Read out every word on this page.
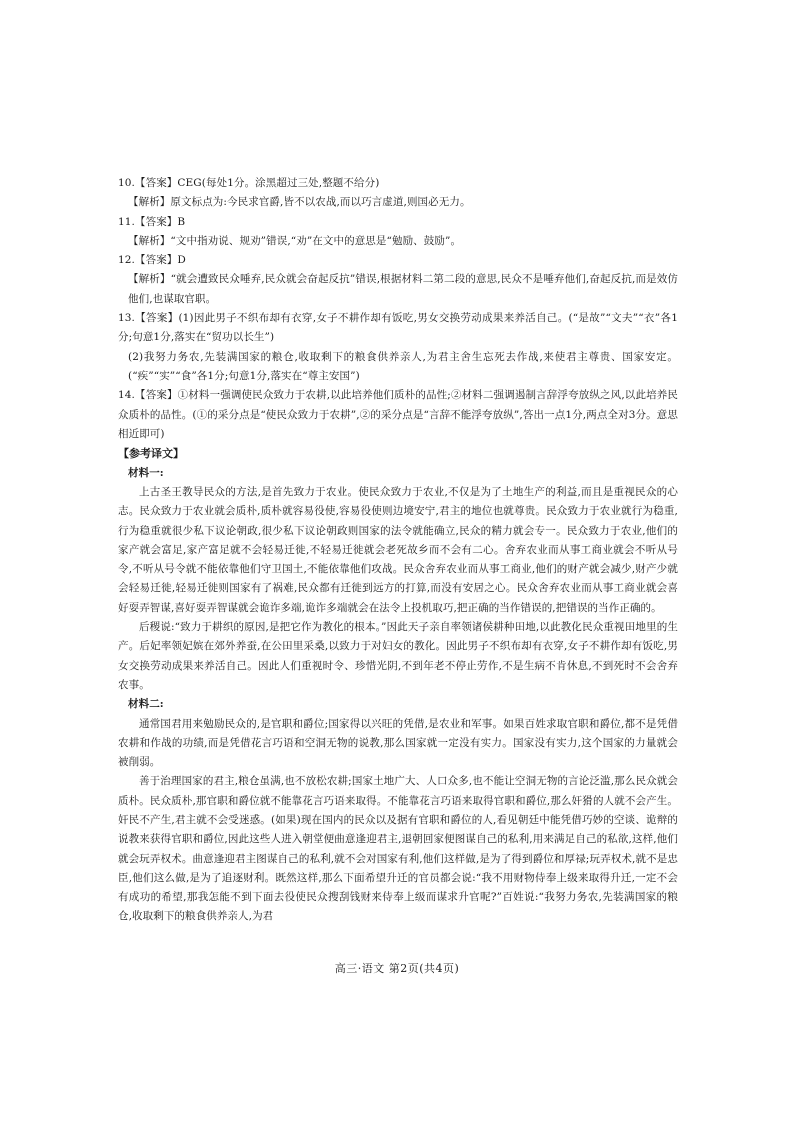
10.【答案】CEG(每处1分。涂黑超过三处,整题不给分)

【解析】原文标点为:今民求官爵,皆不以农战,而以巧言虚道,则国必无力。

11.【答案】B

【解析】“文中指劝说、规劝”错误,“劝”在文中的意思是“勉励、鼓励”。

12.【答案】D

【解析】“就会遭致民众唾弃,民众就会奋起反抗”错误,根据材料二第二段的意思,民众不是唾弃他们,奋起反抗,而是效仿他们,也谋取官职。

13.【答案】(1)因此男子不织布却有衣穿,女子不耕作却有饭吃,男女交换劳动成果来养活自己。(“是故”“文夫”“衣”各1分;句意1分,落实在“贸功以长生”)

(2)我努力务农,先装满国家的粮仓,收取剩下的粮食供养亲人,为君主舍生忘死去作战,来使君主尊贵、国家安定。(“疾”“实”“食”各1分;句意1分,落实在“尊主安国”)

14.【答案】①材料一强调使民众致力于农耕,以此培养他们质朴的品性;②材料二强调遏制言辞浮夸放纵之风,以此培养民众质朴的品性。(①的采分点是“使民众致力于农耕”,②的采分点是“言辞不能浮夸放纵”,答出一点1分,两点全对3分。意思相近即可)

【参考译文】

材料一:

上古圣王教导民众的方法,是首先致力于农业。使民众致力于农业,不仅是为了土地生产的利益,而且是重视民众的心志。民众致力于农业就会质朴,质朴就容易役使,容易役使则边境安宁,君主的地位也就尊贵。民众致力于农业就行为稳重,行为稳重就很少私下议论朝政,很少私下议论朝政则国家的法令就能确立,民众的精力就会专一。民众致力于农业,他们的家产就会富足,家产富足就不会轻易迁徙,不轻易迁徙就会老死故乡而不会有二心。舍弃农业而从事工商业就会不听从号令,不听从号令就不能依靠他们守卫国土,不能依靠他们攻战。民众舍弃农业而从事工商业,他们的财产就会减少,财产少就会轻易迁徙,轻易迁徙则国家有了祸难,民众都有迁徙到远方的打算,而没有安居之心。民众舍弃农业而从事工商业就会喜好耍弄智谋,喜好耍弄智谋就会诡诈多端,诡诈多端就会在法令上投机取巧,把正确的当作错误的,把错误的当作正确的。

后稷说:“致力于耕织的原因,是把它作为教化的根本。”因此天子亲自率领诸侯耕种田地,以此教化民众重视田地里的生产。后妃率领妃嫔在郊外养蚕,在公田里采桑,以致力于对妇女的教化。因此男子不织布却有衣穿,女子不耕作却有饭吃,男女交换劳动成果来养活自己。因此人们重视时令、珍惜光阴,不到年老不停止劳作,不是生病不肯休息,不到死时不会舍弃农事。

材料二:

通常国君用来勉励民众的,是官职和爵位;国家得以兴旺的凭借,是农业和军事。如果百姓求取官职和爵位,都不是凭借农耕和作战的功绩,而是凭借花言巧语和空洞无物的说教,那么国家就一定没有实力。国家没有实力,这个国家的力量就会被削弱。

善于治理国家的君主,粮仓虽满,也不放松农耕;国家土地广大、人口众多,也不能让空洞无物的言论泛滥,那么民众就会质朴。民众质朴,那官职和爵位就不能靠花言巧语来取得。不能靠花言巧语来取得官职和爵位,那么奸猾的人就不会产生。奸民不产生,君主就不会受迷惑。(如果)现在国内的民众以及据有官职和爵位的人,看见朝廷中能凭借巧妙的空谈、诡辩的说教来获得官职和爵位,因此这些人进入朝堂便曲意逢迎君主,退朝回家便图谋自己的私利,用来满足自己的私欲,这样,他们就会玩弄权术。曲意逢迎君主图谋自己的私利,就不会对国家有利,他们这样做,是为了得到爵位和厚禄;玩弄权术,就不是忠臣,他们这么做,是为了追逐财利。既然这样,那么下面希望升迁的官员都会说:“我不用财物侍奉上级来取得升迁,一定不会有成功的希望,那我怎能不到下面去役使民众搜刮钱财来侍奉上级而谋求升官呢?”百姓说:“我努力务农,先装满国家的粮仓,收取剩下的粮食供养亲人,为君

高三·语文 第2页(共4页)
